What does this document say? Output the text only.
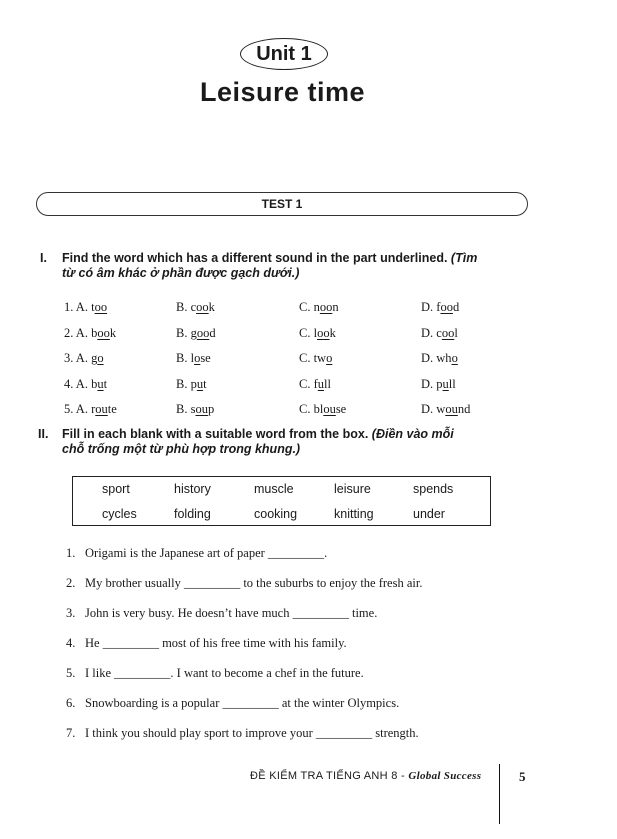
Unit 1
Leisure time
TEST 1
I. Find the word which has a different sound in the part underlined. (Tìm
từ có âm khác ở phần được gạch dưới.)
1. A. too	B. cook	C. noon	D. food
2. A. book	B. good	C. look	D. cool
3. A. go	B. lose	C. two	D. who
4. A. but	B. put	C. full	D. pull
5. A. route	B. soup	C. blouse	D. wound
II. Fill in each blank with a suitable word from the box. (Điền vào mỗi
chỗ trống một từ phù hợp trong khung.)
sport	history	muscle	leisure	spends
cycles	folding	cooking	knitting	under
1. Origami is the Japanese art of paper _________.
2. My brother usually _________ to the suburbs to enjoy the fresh air.
3. John is very busy. He doesn’t have much _________ time.
4. He _________ most of his free time with his family.
5. I like _________. I want to become a chef in the future.
6. Snowboarding is a popular _________ at the winter Olympics.
7. I think you should play sport to improve your _________ strength.
ĐỀ KIỂM TRA TIẾNG ANH 8 - Global Success	5
